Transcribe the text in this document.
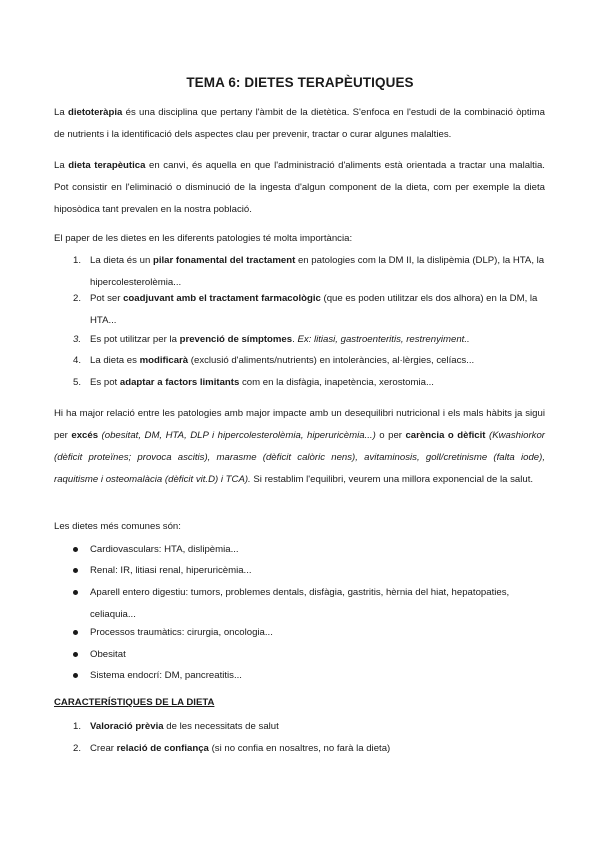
TEMA 6: DIETES TERAPÈUTIQUES

La dietoteràpia és una disciplina que pertany l'àmbit de la dietètica. S'enfoca en l'estudi de la combinació òptima de nutrients i la identificació dels aspectes clau per prevenir, tractar o curar algunes malalties.

La dieta terapèutica en canvi, és aquella en que l'administració d'aliments està orientada a tractar una malaltia. Pot consistir en l'eliminació o disminució de la ingesta d'algun component de la dieta, com per exemple la dieta hiposòdica tant prevalen en la nostra població.

El paper de les dietes en les diferents patologies té molta importància:

1. La dieta és un pilar fonamental del tractament en patologies com la DM II, la dislipèmia (DLP), la HTA, la hipercolesterolèmia...
2. Pot ser coadjuvant amb el tractament farmacològic (que es poden utilitzar els dos alhora) en la DM, la HTA...
3. Es pot utilitzar per la prevenció de símptomes. Ex: litiasi, gastroenteritis, restrenyiment..
4. La dieta es modificarà (exclusió d'aliments/nutrients) en intoleràncies, al·lèrgies, celíacs...
5. Es pot adaptar a factors limitants com en la disfàgia, inapetència, xerostomia...

Hi ha major relació entre les patologies amb major impacte amb un desequilibri nutricional i els mals hàbits ja sigui per excés (obesitat, DM, HTA, DLP i hipercolesterolèmia, hiperuricèmia...) o per carència o dèficit (Kwashiorkor (dèficit proteïnes; provoca ascitis), marasme (dèficit calòric nens), avitaminosis, goll/cretinisme (falta iode), raquitisme i osteomalàcia (dèficit vit.D) i TCA). Si restablim l'equilibri, veurem una millora exponencial de la salut.

Les dietes més comunes són:

Cardiovasculars: HTA, dislipèmia...
Renal: IR, litiasi renal, hiperuricèmia...
Aparell entero digestiu: tumors, problemes dentals, disfàgia, gastritis, hèrnia del hiat, hepatopaties, celiaquia...
Processos traumàtics: cirurgia, oncologia...
Obesitat
Sistema endocrí: DM, pancreatitis...

CARACTERÍSTIQUES DE LA DIETA

1. Valoració prèvia de les necessitats de salut
2. Crear relació de confiança (si no confia en nosaltres, no farà la dieta)
